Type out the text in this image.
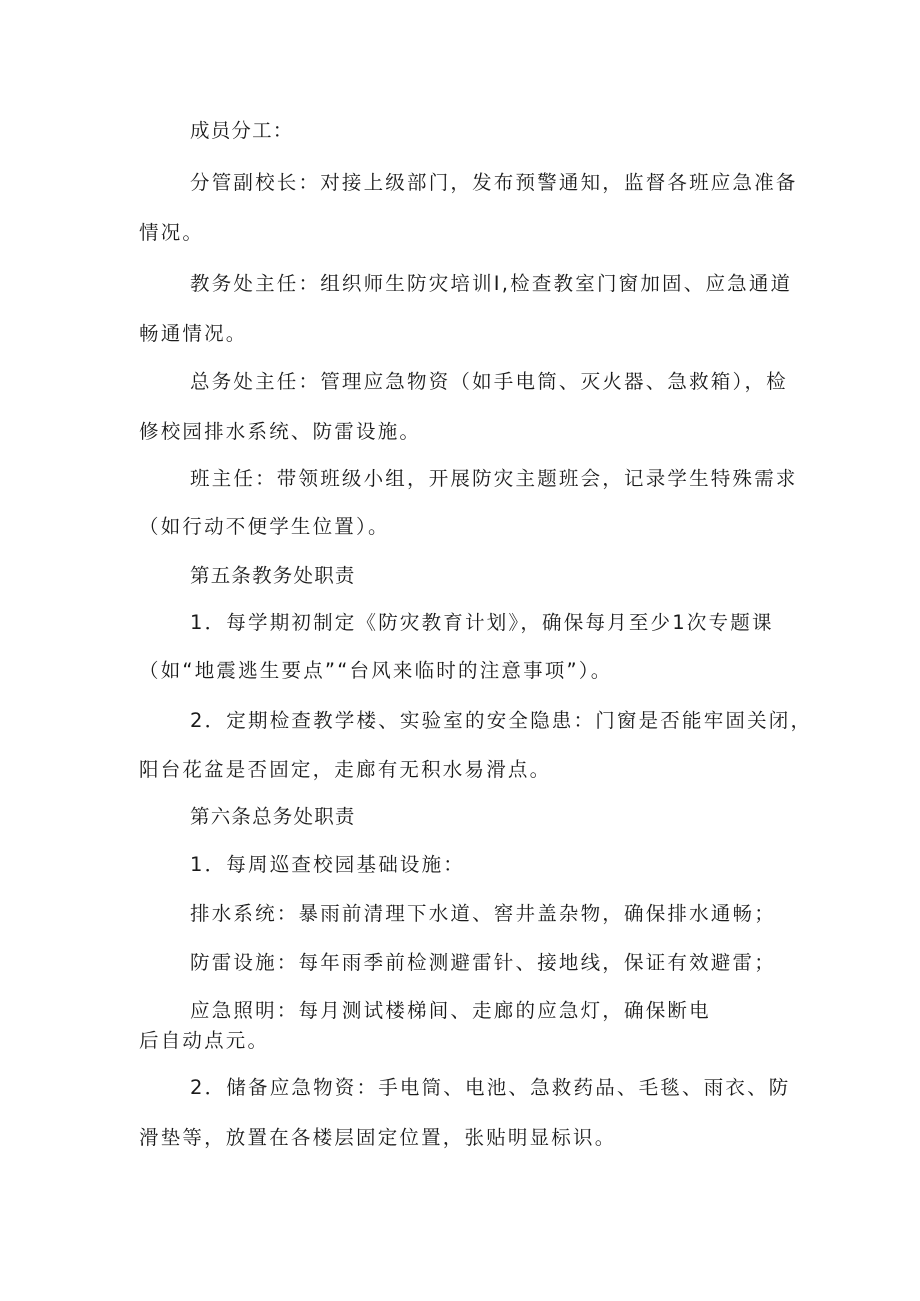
成员分工：
分管副校长：对接上级部门，发布预警通知，监督各班应急准备
情况。
教务处主任：组织师生防灾培训I,检查教室门窗加固、应急通道
畅通情况。
总务处主任：管理应急物资（如手电筒、灭火器、急救箱），检
修校园排水系统、防雷设施。
班主任：带领班级小组，开展防灾主题班会，记录学生特殊需求
（如行动不便学生位置）。
第五条教务处职责
1．每学期初制定《防灾教育计划》，确保每月至少1次专题课
（如“地震逃生要点”“台风来临时的注意事项”）。
2．定期检查教学楼、实验室的安全隐患：门窗是否能牢固关闭，
阳台花盆是否固定，走廊有无积水易滑点。
第六条总务处职责
1．每周巡查校园基础设施：
排水系统：暴雨前清理下水道、窖井盖杂物，确保排水通畅；
防雷设施：每年雨季前检测避雷针、接地线，保证有效避雷；
应急照明：每月测试楼梯间、走廊的应急灯，确保断电
后自动点元。
2．储备应急物资：手电筒、电池、急救药品、毛毯、雨衣、防
滑垫等，放置在各楼层固定位置，张贴明显标识。
